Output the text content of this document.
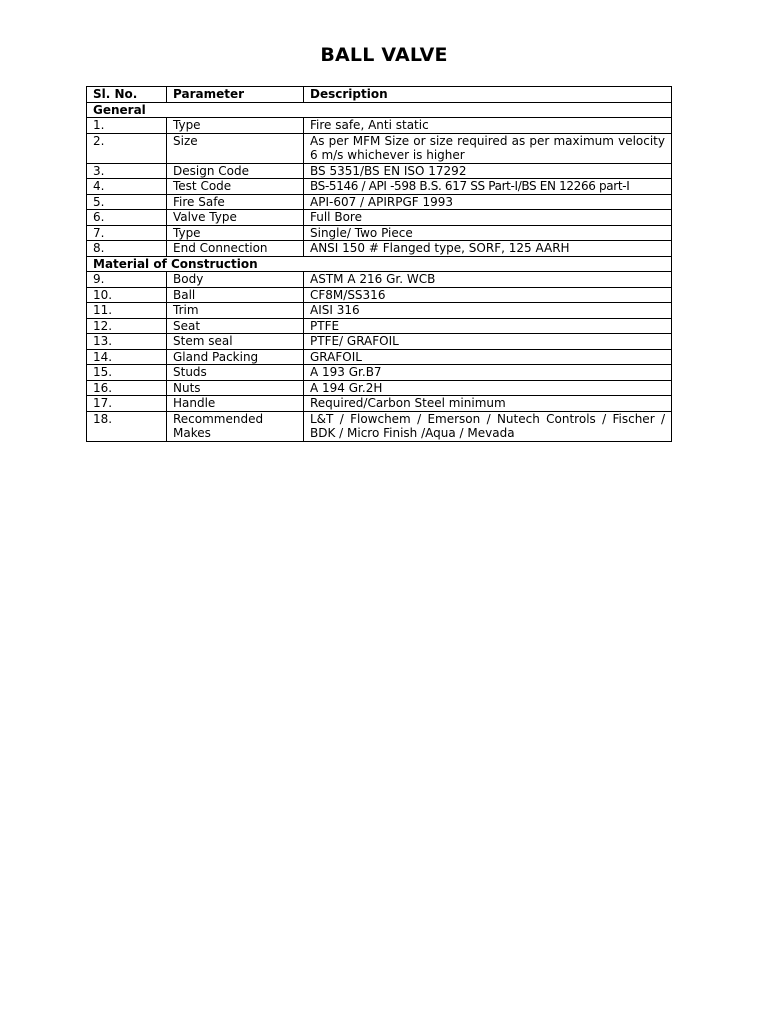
BALL VALVE
Sl. No.	Parameter	Description
General		
1.	Type	Fire safe, Anti static
2.	Size	As per MFM Size or size required as per maximum velocity 6 m/s whichever is higher
3.	Design Code	BS 5351/BS EN ISO 17292
4.	Test Code	BS-5146 / API -598 B.S. 617 SS Part-I/BS EN 12266 part-I
5.	Fire Safe	API-607 / APIRPGF 1993
6.	Valve Type	Full Bore
7.	Type	Single/ Two Piece
8.	End Connection	ANSI 150 # Flanged type, SORF, 125 AARH
Material of Construction		
9.	Body	ASTM A 216 Gr. WCB
10.	Ball	CF8M/SS316
11.	Trim	AISI 316
12.	Seat	PTFE
13.	Stem seal	PTFE/ GRAFOIL
14.	Gland Packing	GRAFOIL
15.	Studs	A 193 Gr.B7
16.	Nuts	A 194 Gr.2H
17.	Handle	Required/Carbon Steel minimum
18.	Recommended Makes	L&T / Flowchem / Emerson / Nutech Controls / Fischer / BDK / Micro Finish /Aqua / Mevada
